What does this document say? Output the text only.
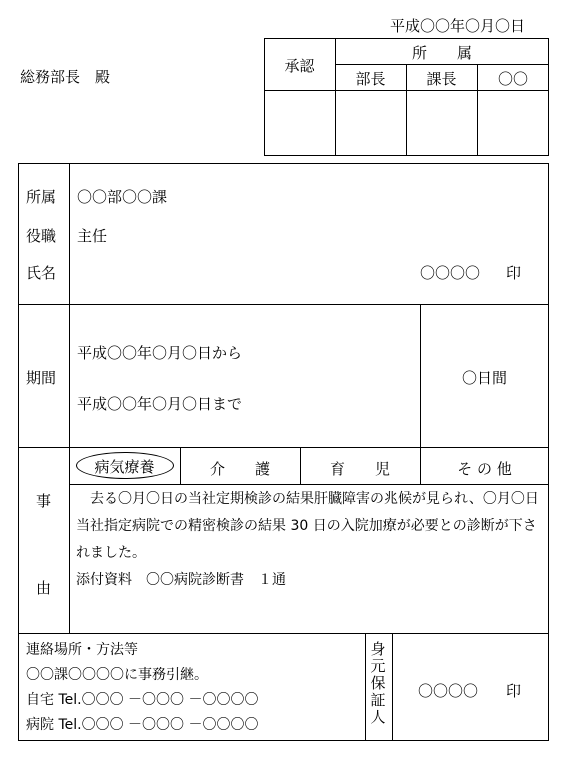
平成〇〇年〇月〇日
総務部長　殿
承認
所　　属
部長	課長	〇〇
所属 〇〇部〇〇課
役職 主任
氏名	〇〇〇〇 印
期間
平成〇〇年〇月〇日から
平成〇〇年〇月〇日まで
〇日間
事
由
病気療養	介　　護	育　　児	そ の 他
　去る〇月〇日の当社定期検診の結果肝臓障害の兆候が見られ、〇月〇日当社指定病院での精密検診の結果 30 日の入院加療が必要との診断が下されました。
添付資料　〇〇病院診断書　１通
連絡場所・方法等
〇〇課〇〇〇〇に事務引継。
自宅 Tel.〇〇〇 －〇〇〇 －〇〇〇〇
病院 Tel.〇〇〇 －〇〇〇 －〇〇〇〇
身元保証人
〇〇〇〇 印
